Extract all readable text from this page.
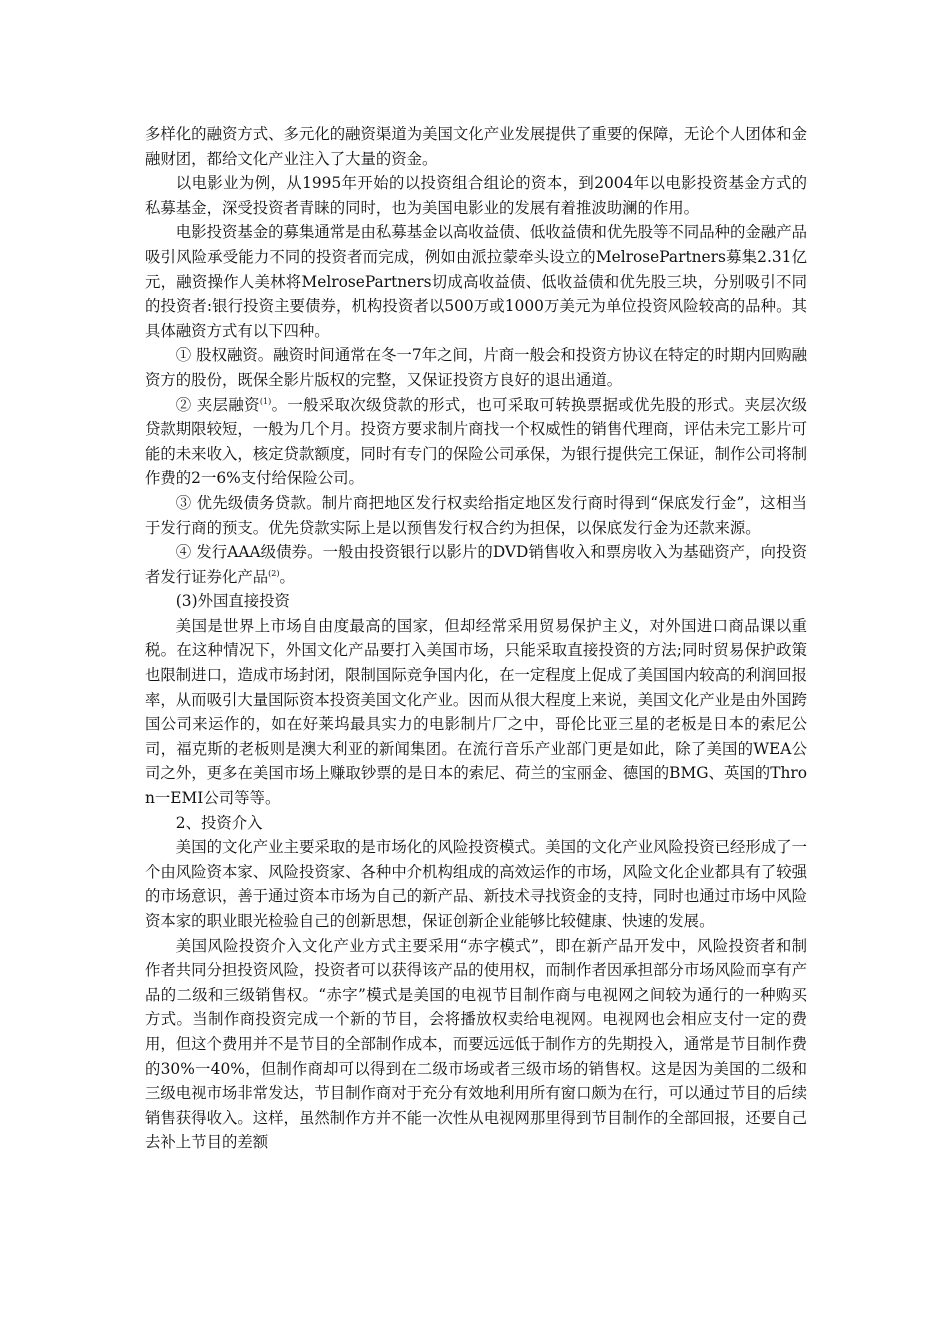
多样化的融资方式、多元化的融资渠道为美国文化产业发展提供了重要的保障，无论个人团体和金融财团，都给文化产业注入了大量的资金。

以电影业为例，从1995年开始的以投资组合组论的资本，到2004年以电影投资基金方式的私募基金，深受投资者青睐的同时，也为美国电影业的发展有着推波助澜的作用。

电影投资基金的募集通常是由私募基金以高收益债、低收益债和优先股等不同品种的金融产品吸引风险承受能力不同的投资者而完成，例如由派拉蒙牵头设立的MelrosePartners募集2.31亿元，融资操作人美林将MelrosePartners切成高收益债、低收益债和优先股三块，分别吸引不同的投资者:银行投资主要债券，机构投资者以500万或1000万美元为单位投资风险较高的品种。其具体融资方式有以下四种。

① 股权融资。融资时间通常在冬一7年之间，片商一般会和投资方协议在特定的时期内回购融资方的股份，既保全影片版权的完整，又保证投资方良好的退出通道。

② 夹层融资$^{(1)}$。一般采取次级贷款的形式，也可采取可转换票据或优先股的形式。夹层次级贷款期限较短，一般为几个月。投资方要求制片商找一个权威性的销售代理商，评估未完工影片可能的未来收入，核定贷款额度，同时有专门的保险公司承保，为银行提供完工保证，制作公司将制作费的2一6%支付给保险公司。

③ 优先级债务贷款。制片商把地区发行权卖给指定地区发行商时得到“保底发行金”，这相当于发行商的预支。优先贷款实际上是以预售发行权合约为担保，以保底发行金为还款来源。

④ 发行AAA级债券。一般由投资银行以影片的DVD销售收入和票房收入为基础资产，向投资者发行证券化产品$^{(2)}$。

(3)外国直接投资

美国是世界上市场自由度最高的国家，但却经常采用贸易保护主义，对外国进口商品课以重税。在这种情况下，外国文化产品要打入美国市场，只能采取直接投资的方法;同时贸易保护政策也限制进口，造成市场封闭，限制国际竞争国内化，在一定程度上促成了美国国内较高的利润回报率，从而吸引大量国际资本投资美国文化产业。因而从很大程度上来说，美国文化产业是由外国跨国公司来运作的，如在好莱坞最具实力的电影制片厂之中，哥伦比亚三星的老板是日本的索尼公司，福克斯的老板则是澳大利亚的新闻集团。在流行音乐产业部门更是如此，除了美国的WEA公司之外，更多在美国市场上赚取钞票的是日本的索尼、荷兰的宝丽金、德国的BMG、英国的Thron一EMI公司等等。

2、投资介入

美国的文化产业主要采取的是市场化的风险投资模式。美国的文化产业风险投资已经形成了一个由风险资本家、风险投资家、各种中介机构组成的高效运作的市场，风险文化企业都具有了较强的市场意识，善于通过资本市场为自己的新产品、新技术寻找资金的支持，同时也通过市场中风险资本家的职业眼光检验自己的创新思想，保证创新企业能够比较健康、快速的发展。

美国风险投资介入文化产业方式主要采用“赤字模式”，即在新产品开发中，风险投资者和制作者共同分担投资风险，投资者可以获得该产品的使用权，而制作者因承担部分市场风险而享有产品的二级和三级销售权。“赤字”模式是美国的电视节目制作商与电视网之间较为通行的一种购买方式。当制作商投资完成一个新的节目，会将播放权卖给电视网。电视网也会相应支付一定的费用，但这个费用并不是节目的全部制作成本，而要远远低于制作方的先期投入，通常是节目制作费的30%一40%，但制作商却可以得到在二级市场或者三级市场的销售权。这是因为美国的二级和三级电视市场非常发达，节目制作商对于充分有效地利用所有窗口颇为在行，可以通过节目的后续销售获得收入。这样，虽然制作方并不能一次性从电视网那里得到节目制作的全部回报，还要自己去补上节目的差额
